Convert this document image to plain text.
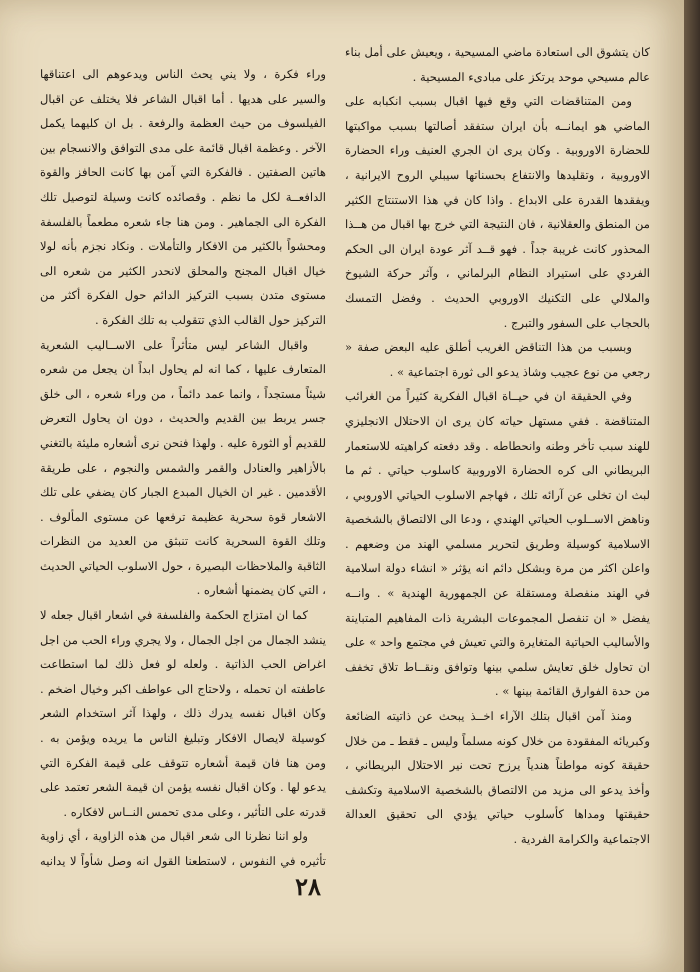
كان يتشوق الى استعادة ماضي المسيحية ، ويعيش على أمل بناء عالم مسيحي موحد يرتكز على مبادىء المسيحية .

ومن المتناقضات التي وقع فيها اقبال بسبب انكبابه على الماضي هو ايمانــه بأن ايران ستفقد أصالتها بسبب مواكبتها للحضارة الاوروبية . وكان يرى ان الجري العنيف وراء الحضارة الاوروبية ، وتقليدها والانتفاع بحسناتها سيبلي الروح الايرانية ، ويفقدها القدرة على الابداع . واذا كان في هذا الاستنتاج الكثير من المنطق والعقلانية ، فان النتيجة التي خرج بها اقبال من هــذا المحذور كانت غريبة جداً . فهو قــد آثر عودة ايران الى الحكم الفردي على استيراد النظام البرلماني ، وآثر حركة الشيوخ والملالي على التكنيك الاوروبي الحديث . وفضل التمسك بالحجاب على السفور والتبرج .

وبسبب من هذا التناقض الغريب أطلق عليه البعض صفة « رجعي من نوع عجيب وشاذ يدعو الى ثورة اجتماعية » .

وفي الحقيقة ان في حيــاة اقبال الفكرية كثيراً من الغرائب المتناقضة . ففي مستهل حياته كان يرى ان الاحتلال الانجليزي للهند سبب تأخر وطنه وانحطاطه . وقد دفعته كراهيته للاستعمار البريطاني الى كره الحضارة الاوروبية كاسلوب حياتي . ثم ما لبث ان تخلى عن آرائه تلك ، فهاجم الاسلوب الحياتي الاوروبي ، وناهض الاســلوب الحياتي الهندي ، ودعا الى الالتصاق بالشخصية الاسلامية كوسيلة وطريق لتحرير مسلمي الهند من وضعهم . واعلن اكثر من مرة وبشكل دائم انه يؤثر « انشاء دولة اسلامية في الهند منفصلة ومستقلة عن الجمهورية الهندية » . وانــه يفضل « ان تنفصل المجموعات البشرية ذات المفاهيم المتباينة والأساليب الحياتية المتغايرة والتي تعيش في مجتمع واحد » على ان تحاول خلق تعايش سلمي بينها وتوافق ونقــاط تلاق تخفف من حدة الفوارق القائمة بينها » .

ومنذ آمن اقبال بتلك الآراء اخــذ يبحث عن ذاتيته الضائعة وكبريائه المفقودة من خلال كونه مسلماً وليس ـ فقط ـ من خلال حقيقة كونه مواطناً هندياً يرزح تحت نير الاحتلال البريطاني ، وأخذ يدعو الى مزيد من الالتصاق بالشخصية الاسلامية وتكشف حقيقتها ومداها كأسلوب حياتي يؤدي الى تحقيق العدالة الاجتماعية والكرامة الفردية .

وراء فكرة ، ولا يني يحث الناس ويدعوهم الى اعتناقها والسير على هديها . أما اقبال الشاعر فلا يختلف عن اقبال الفيلسوف من حيث العظمة والرفعة . بل ان كليهما يكمل الآخر . وعظمة اقبال قائمة على مدى التوافق والانسجام بين هاتين الصفتين . فالفكرة التي آمن بها كانت الحافز والقوة الدافعــة لكل ما نظم . وقصائده كانت وسيلة لتوصيل تلك الفكرة الى الجماهير . ومن هنا جاء شعره مطعماً بالفلسفة ومحشواً بالكثير من الافكار والتأملات . ونكاد نجزم بأنه لولا خيال اقبال المجنح والمحلق لانحدر الكثير من شعره الى مستوى متدن بسبب التركيز الدائم حول الفكرة أكثر من التركيز حول القالب الذي تتقولب به تلك الفكرة .

واقبال الشاعر ليس متأثراً على الاســاليب الشعرية المتعارف عليها ، كما انه لم يحاول ابداً ان يجعل من شعره شيئاً مستجداً ، وانما عمد دائماً ، من وراء شعره ، الى خلق جسر يربط بين القديم والحديث ، دون ان يحاول التعرض للقديم أو الثورة عليه . ولهذا فنحن نرى أشعاره مليئة بالتغني بالأزاهير والعنادل والقمر والشمس والنجوم ، على طريقة الأقدمين . غير ان الخيال المبدع الجبار كان يضفي على تلك الاشعار قوة سحرية عظيمة ترفعها عن مستوى المألوف . وتلك القوة السحرية كانت تنبثق من العديد من النظرات الثاقبة والملاحظات البصيرة ، حول الاسلوب الحياتي الحديث ، التي كان يضمنها أشعاره .

كما ان امتزاج الحكمة والفلسفة في اشعار اقبال جعله لا ينشد الجمال من اجل الجمال ، ولا يجري وراء الحب من اجل اغراض الحب الذاتية . ولعله لو فعل ذلك لما استطاعت عاطفته ان تحمله ، ولاحتاج الى عواطف اكبر وخيال اضخم . وكان اقبال نفسه يدرك ذلك ، ولهذا آثر استخدام الشعر كوسيلة لايصال الافكار وتبليغ الناس ما يريده ويؤمن به . ومن هنا فان قيمة أشعاره تتوقف على قيمة الفكرة التي يدعو لها . وكان اقبال نفسه يؤمن ان قيمة الشعر تعتمد على قدرته على التأثير ، وعلى مدى تحمس النــاس لافكاره .

ولو اننا نظرنا الى شعر اقبال من هذه الزاوية ، أي زاوية تأثيره في النفوس ، لاستطعنا القول انه وصل شأواً لا يدانيه

٢٨
